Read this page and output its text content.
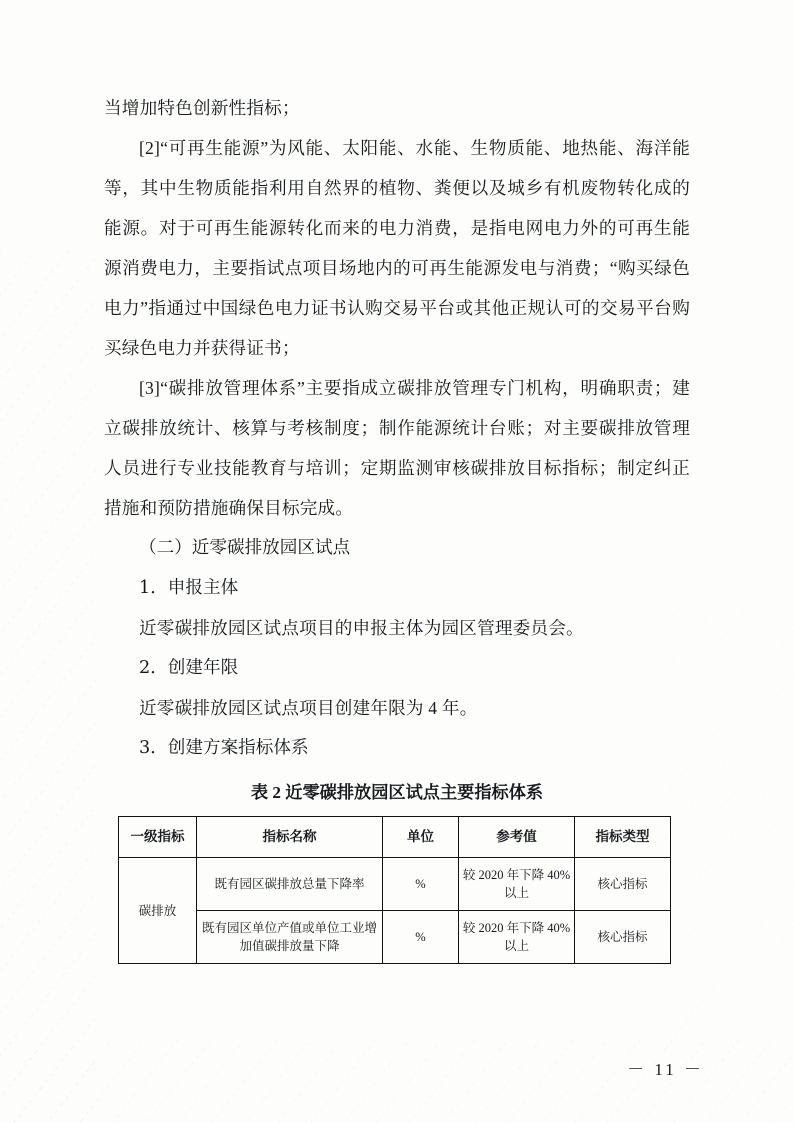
当增加特色创新性指标；

[2]“可再生能源”为风能、太阳能、水能、生物质能、地热能、海洋能等，其中生物质能指利用自然界的植物、粪便以及城乡有机废物转化成的能源。对于可再生能源转化而来的电力消费，是指电网电力外的可再生能源消费电力，主要指试点项目场地内的可再生能源发电与消费；“购买绿色电力”指通过中国绿色电力证书认购交易平台或其他正规认可的交易平台购买绿色电力并获得证书；

[3]“碳排放管理体系”主要指成立碳排放管理专门机构，明确职责；建立碳排放统计、核算与考核制度；制作能源统计台账；对主要碳排放管理人员进行专业技能教育与培训；定期监测审核碳排放目标指标；制定纠正措施和预防措施确保目标完成。

（二）近零碳排放园区试点
1．申报主体

近零碳排放园区试点项目的申报主体为园区管理委员会。

2．创建年限

近零碳排放园区试点项目创建年限为 4 年。

3．创建方案指标体系
表 2 近零碳排放园区试点主要指标体系
一级指标	指标名称	单位	参考值	指标类型
碳排放	既有园区碳排放总量下降率	%	较 2020 年下降 40%以上	核心指标
	既有园区单位产值或单位工业增加值碳排放量下降	%	较 2020 年下降 40%以上	核心指标
－ 11 －
